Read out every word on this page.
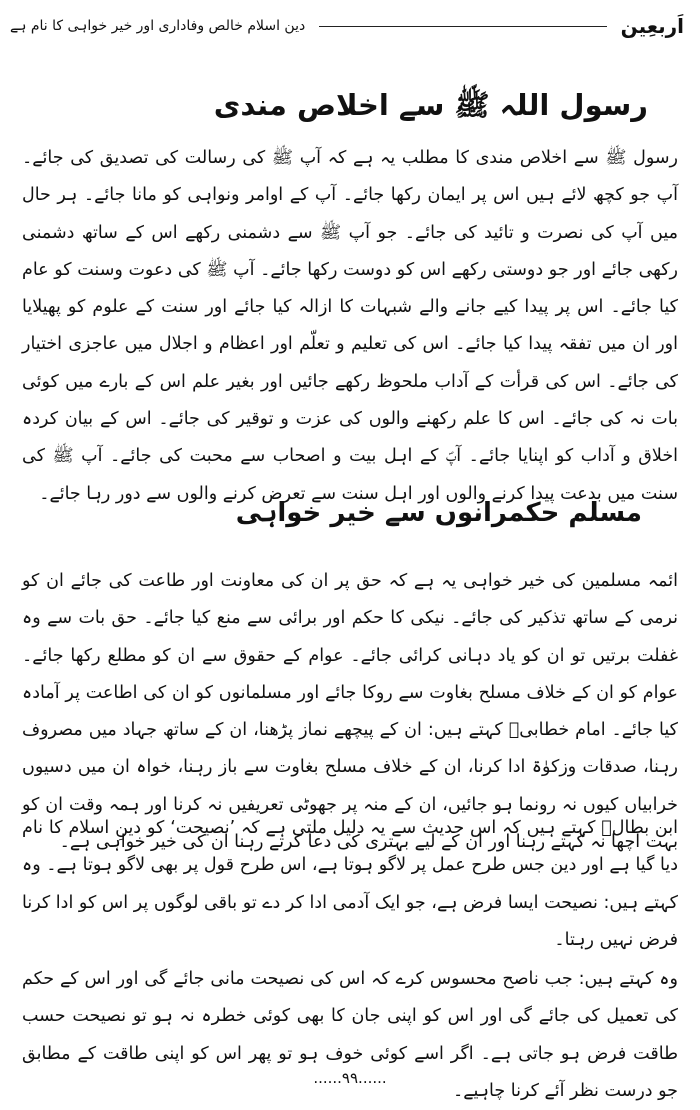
اَربعِین
دین اسلام خالص وفاداری اور خیر خواہی کا نام ہے
رسول اللہ ﷺ سے اخلاص مندی
رسول ﷺ سے اخلاص مندی کا مطلب یہ ہے کہ آپ ﷺ کی رسالت کی تصدیق کی جائے۔ آپ جو کچھ لائے ہیں اس پر ایمان رکھا جائے۔ آپ کے اوامر ونواہی کو مانا جائے۔ ہر حال میں آپ کی نصرت و تائید کی جائے۔ جو آپ ﷺ سے دشمنی رکھے اس کے ساتھ دشمنی رکھی جائے اور جو دوستی رکھے اس کو دوست رکھا جائے۔ آپ ﷺ کی دعوت وسنت کو عام کیا جائے۔ اس پر پیدا کیے جانے والے شبہات کا ازالہ کیا جائے اور سنت کے علوم کو پھیلایا اور ان میں تفقہ پیدا کیا جائے۔ اس کی تعلیم و تعلّم اور اعظام و اجلال میں عاجزی اختیار کی جائے۔ اس کی قرأت کے آداب ملحوظ رکھے جائیں اور بغیر علم اس کے بارے میں کوئی بات نہ کی جائے۔ اس کا علم رکھنے والوں کی عزت و توقیر کی جائے۔ اس کے بیان کردہ اخلاق و آداب کو اپنایا جائے۔ آپؐ کے اہل بیت و اصحاب سے محبت کی جائے۔ آپ ﷺ کی سنت میں بدعت پیدا کرنے والوں اور اہل سنت سے تعرض کرنے والوں سے دور رہا جائے۔
مسلم حکمرانوں سے خیر خواہی
ائمہ مسلمین کی خیر خواہی یہ ہے کہ حق پر ان کی معاونت اور طاعت کی جائے ان کو نرمی کے ساتھ تذکیر کی جائے۔ نیکی کا حکم اور برائی سے منع کیا جائے۔ حق بات سے وہ غفلت برتیں تو ان کو یاد دہانی کرائی جائے۔ عوام کے حقوق سے ان کو مطلع رکھا جائے۔ عوام کو ان کے خلاف مسلح بغاوت سے روکا جائے اور مسلمانوں کو ان کی اطاعت پر آمادہ کیا جائے۔ امام خطابیؒ کہتے ہیں: ان کے پیچھے نماز پڑھنا، ان کے ساتھ جہاد میں مصروف رہنا، صدقات وزکوٰۃ ادا کرنا، ان کے خلاف مسلح بغاوت سے باز رہنا، خواہ ان میں دسیوں خرابیاں کیوں نہ رونما ہو جائیں، ان کے منہ پر جھوٹی تعریفیں نہ کرنا اور ہمہ وقت ان کو بہت اچھا نہ کہتے رہنا اور ان کے لیے بہتری کی دعا کرتے رہنا ان کی خیر خواہی ہے۔
ابن بطالؒ کہتے ہیں کہ اس حدیث سے یہ دلیل ملتی ہے کہ ’نصیحت‘ کو دینِ اسلام کا نام دیا گیا ہے اور دین جس طرح عمل پر لاگو ہوتا ہے، اس طرح قول پر بھی لاگو ہوتا ہے۔ وہ کہتے ہیں: نصیحت ایسا فرض ہے، جو ایک آدمی ادا کر دے تو باقی لوگوں پر اس کو ادا کرنا فرض نہیں رہتا۔
وہ کہتے ہیں: جب ناصح محسوس کرے کہ اس کی نصیحت مانی جائے گی اور اس کے حکم کی تعمیل کی جائے گی اور اس کو اپنی جان کا بھی کوئی خطرہ نہ ہو تو نصیحت حسب طاقت فرض ہو جاتی ہے۔ اگر اسے کوئی خوف ہو تو پھر اس کو اپنی طاقت کے مطابق جو درست نظر آئے کرنا چاہیے۔
......۹۹......
